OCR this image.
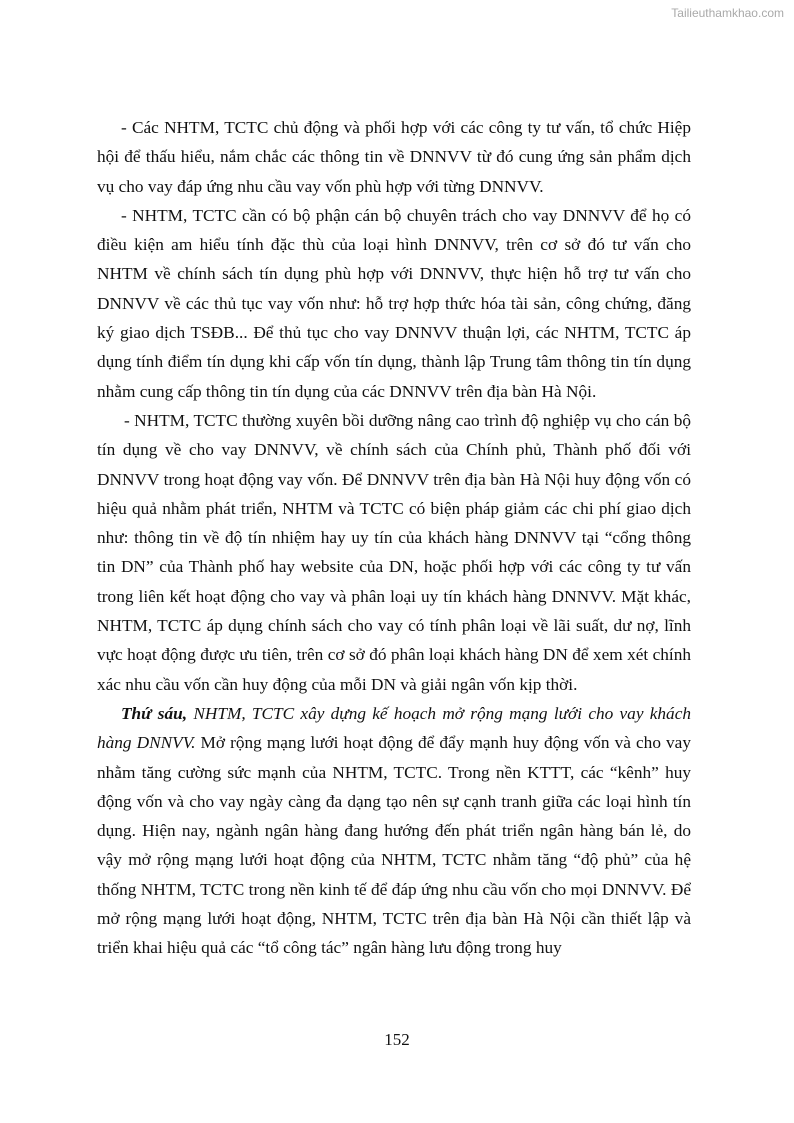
Tailieuthamkhao.com

- Các NHTM, TCTC chủ động và phối hợp với các công ty tư vấn, tổ chức Hiệp hội để thấu hiểu, nắm chắc các thông tin về DNNVV từ đó cung ứng sản phẩm dịch vụ cho vay đáp ứng nhu cầu vay vốn phù hợp với từng DNNVV.

- NHTM, TCTC cần có bộ phận cán bộ chuyên trách cho vay DNNVV để họ có điều kiện am hiểu tính đặc thù của loại hình DNNVV, trên cơ sở đó tư vấn cho NHTM về chính sách tín dụng phù hợp với DNNVV, thực hiện hỗ trợ tư vấn cho DNNVV về các thủ tục vay vốn như: hỗ trợ hợp thức hóa tài sản, công chứng, đăng ký giao dịch TSĐB... Để thủ tục cho vay DNNVV thuận lợi, các NHTM, TCTC áp dụng tính điểm tín dụng khi cấp vốn tín dụng, thành lập Trung tâm thông tin tín dụng nhằm cung cấp thông tin tín dụng của các DNNVV trên địa bàn Hà Nội.

- NHTM, TCTC thường xuyên bồi dưỡng nâng cao trình độ nghiệp vụ cho cán bộ tín dụng về cho vay DNNVV, về chính sách của Chính phủ, Thành phố đối với DNNVV trong hoạt động vay vốn. Để DNNVV trên địa bàn Hà Nội huy động vốn có hiệu quả nhằm phát triển, NHTM và TCTC có biện pháp giảm các chi phí giao dịch như: thông tin về độ tín nhiệm hay uy tín của khách hàng DNNVV tại “cổng thông tin DN” của Thành phố hay website của DN, hoặc phối hợp với các công ty tư vấn trong liên kết hoạt động cho vay và phân loại uy tín khách hàng DNNVV. Mặt khác, NHTM, TCTC áp dụng chính sách cho vay có tính phân loại về lãi suất, dư nợ, lĩnh vực hoạt động được ưu tiên, trên cơ sở đó phân loại khách hàng DN để xem xét chính xác nhu cầu vốn cần huy động của mỗi DN và giải ngân vốn kịp thời.

Thứ sáu, NHTM, TCTC xây dựng kế hoạch mở rộng mạng lưới cho vay khách hàng DNNVV. Mở rộng mạng lưới hoạt động để đẩy mạnh huy động vốn và cho vay nhằm tăng cường sức mạnh của NHTM, TCTC. Trong nền KTTT, các “kênh” huy động vốn và cho vay ngày càng đa dạng tạo nên sự cạnh tranh giữa các loại hình tín dụng. Hiện nay, ngành ngân hàng đang hướng đến phát triển ngân hàng bán lẻ, do vậy mở rộng mạng lưới hoạt động của NHTM, TCTC nhằm tăng “độ phủ” của hệ thống NHTM, TCTC trong nền kinh tế để đáp ứng nhu cầu vốn cho mọi DNNVV. Để mở rộng mạng lưới hoạt động, NHTM, TCTC trên địa bàn Hà Nội cần thiết lập và triển khai hiệu quả các “tổ công tác” ngân hàng lưu động trong huy

152
